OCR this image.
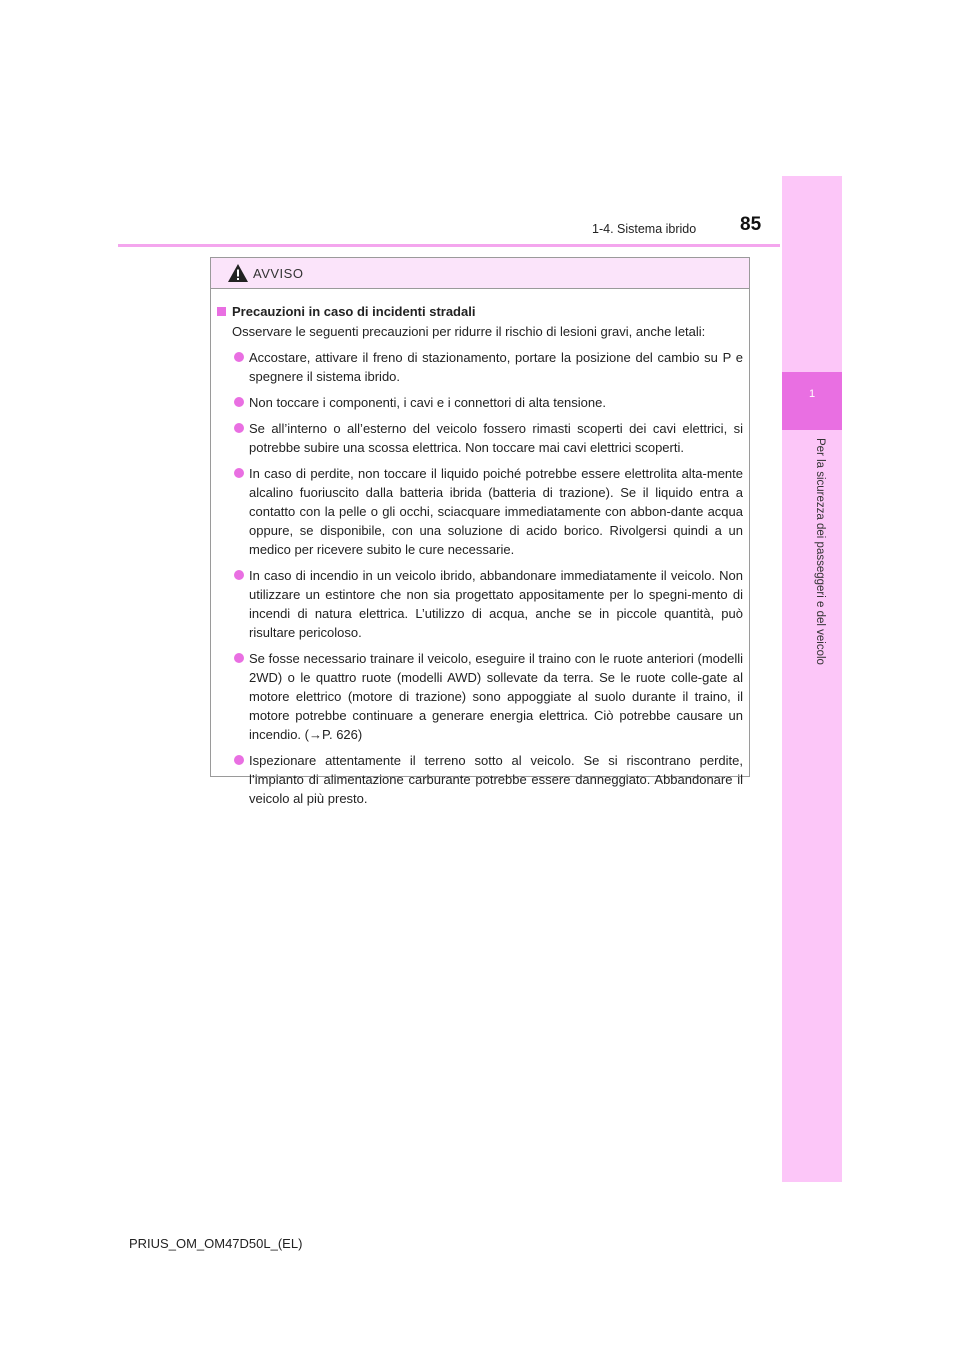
1-4. Sistema ibrido 85
1
Per la sicurezza dei passeggeri e del veicolo
AVVISO
Precauzioni in caso di incidenti stradali
Osservare le seguenti precauzioni per ridurre il rischio di lesioni gravi, anche letali:
Accostare, attivare il freno di stazionamento, portare la posizione del cambio su P e spegnere il sistema ibrido.
Non toccare i componenti, i cavi e i connettori di alta tensione.
Se all’interno o all’esterno del veicolo fossero rimasti scoperti dei cavi elettrici, si potrebbe subire una scossa elettrica. Non toccare mai cavi elettrici scoperti.
In caso di perdite, non toccare il liquido poiché potrebbe essere elettrolita alta-mente alcalino fuoriuscito dalla batteria ibrida (batteria di trazione). Se il liquido entra a contatto con la pelle o gli occhi, sciacquare immediatamente con abbon-dante acqua oppure, se disponibile, con una soluzione di acido borico. Rivolgersi quindi a un medico per ricevere subito le cure necessarie.
In caso di incendio in un veicolo ibrido, abbandonare immediatamente il veicolo. Non utilizzare un estintore che non sia progettato appositamente per lo spegni-mento di incendi di natura elettrica. L’utilizzo di acqua, anche se in piccole quantità, può risultare pericoloso.
Se fosse necessario trainare il veicolo, eseguire il traino con le ruote anteriori (modelli 2WD) o le quattro ruote (modelli AWD) sollevate da terra. Se le ruote colle-gate al motore elettrico (motore di trazione) sono appoggiate al suolo durante il traino, il motore potrebbe continuare a generare energia elettrica. Ciò potrebbe causare un incendio. (→P. 626)
Ispezionare attentamente il terreno sotto al veicolo. Se si riscontrano perdite, l’impianto di alimentazione carburante potrebbe essere danneggiato. Abbandonare il veicolo al più presto.
PRIUS_OM_OM47D50L_(EL)
